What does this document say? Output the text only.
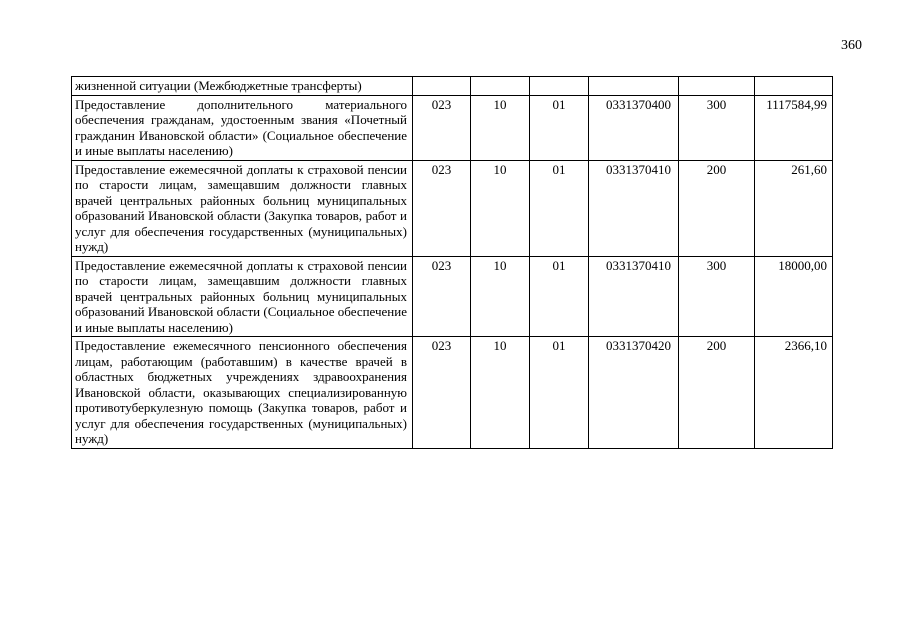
360
жизненной ситуации (Межбюджетные трансферты)						
Предоставление дополнительного материального обеспечения гражданам, удостоенным звания «Почетный гражданин Ивановской области» (Социальное обеспечение и иные выплаты населению)	023	10	01	0331370400	300	1117584,99
Предоставление ежемесячной доплаты к страховой пенсии по старости лицам, замещавшим должности главных врачей центральных районных больниц муниципальных образований Ивановской области (Закупка товаров, работ и услуг для обеспечения государственных (муниципальных) нужд)	023	10	01	0331370410	200	261,60
Предоставление ежемесячной доплаты к страховой пенсии по старости лицам, замещавшим должности главных врачей центральных районных больниц муниципальных образований Ивановской области (Социальное обеспечение и иные выплаты населению)	023	10	01	0331370410	300	18000,00
Предоставление ежемесячного пенсионного обеспечения лицам, работающим (работавшим) в качестве врачей в областных бюджетных учреждениях здравоохранения Ивановской области, оказывающих специализированную противотуберкулезную помощь (Закупка товаров, работ и услуг для обеспечения государственных (муниципальных) нужд)	023	10	01	0331370420	200	2366,10
